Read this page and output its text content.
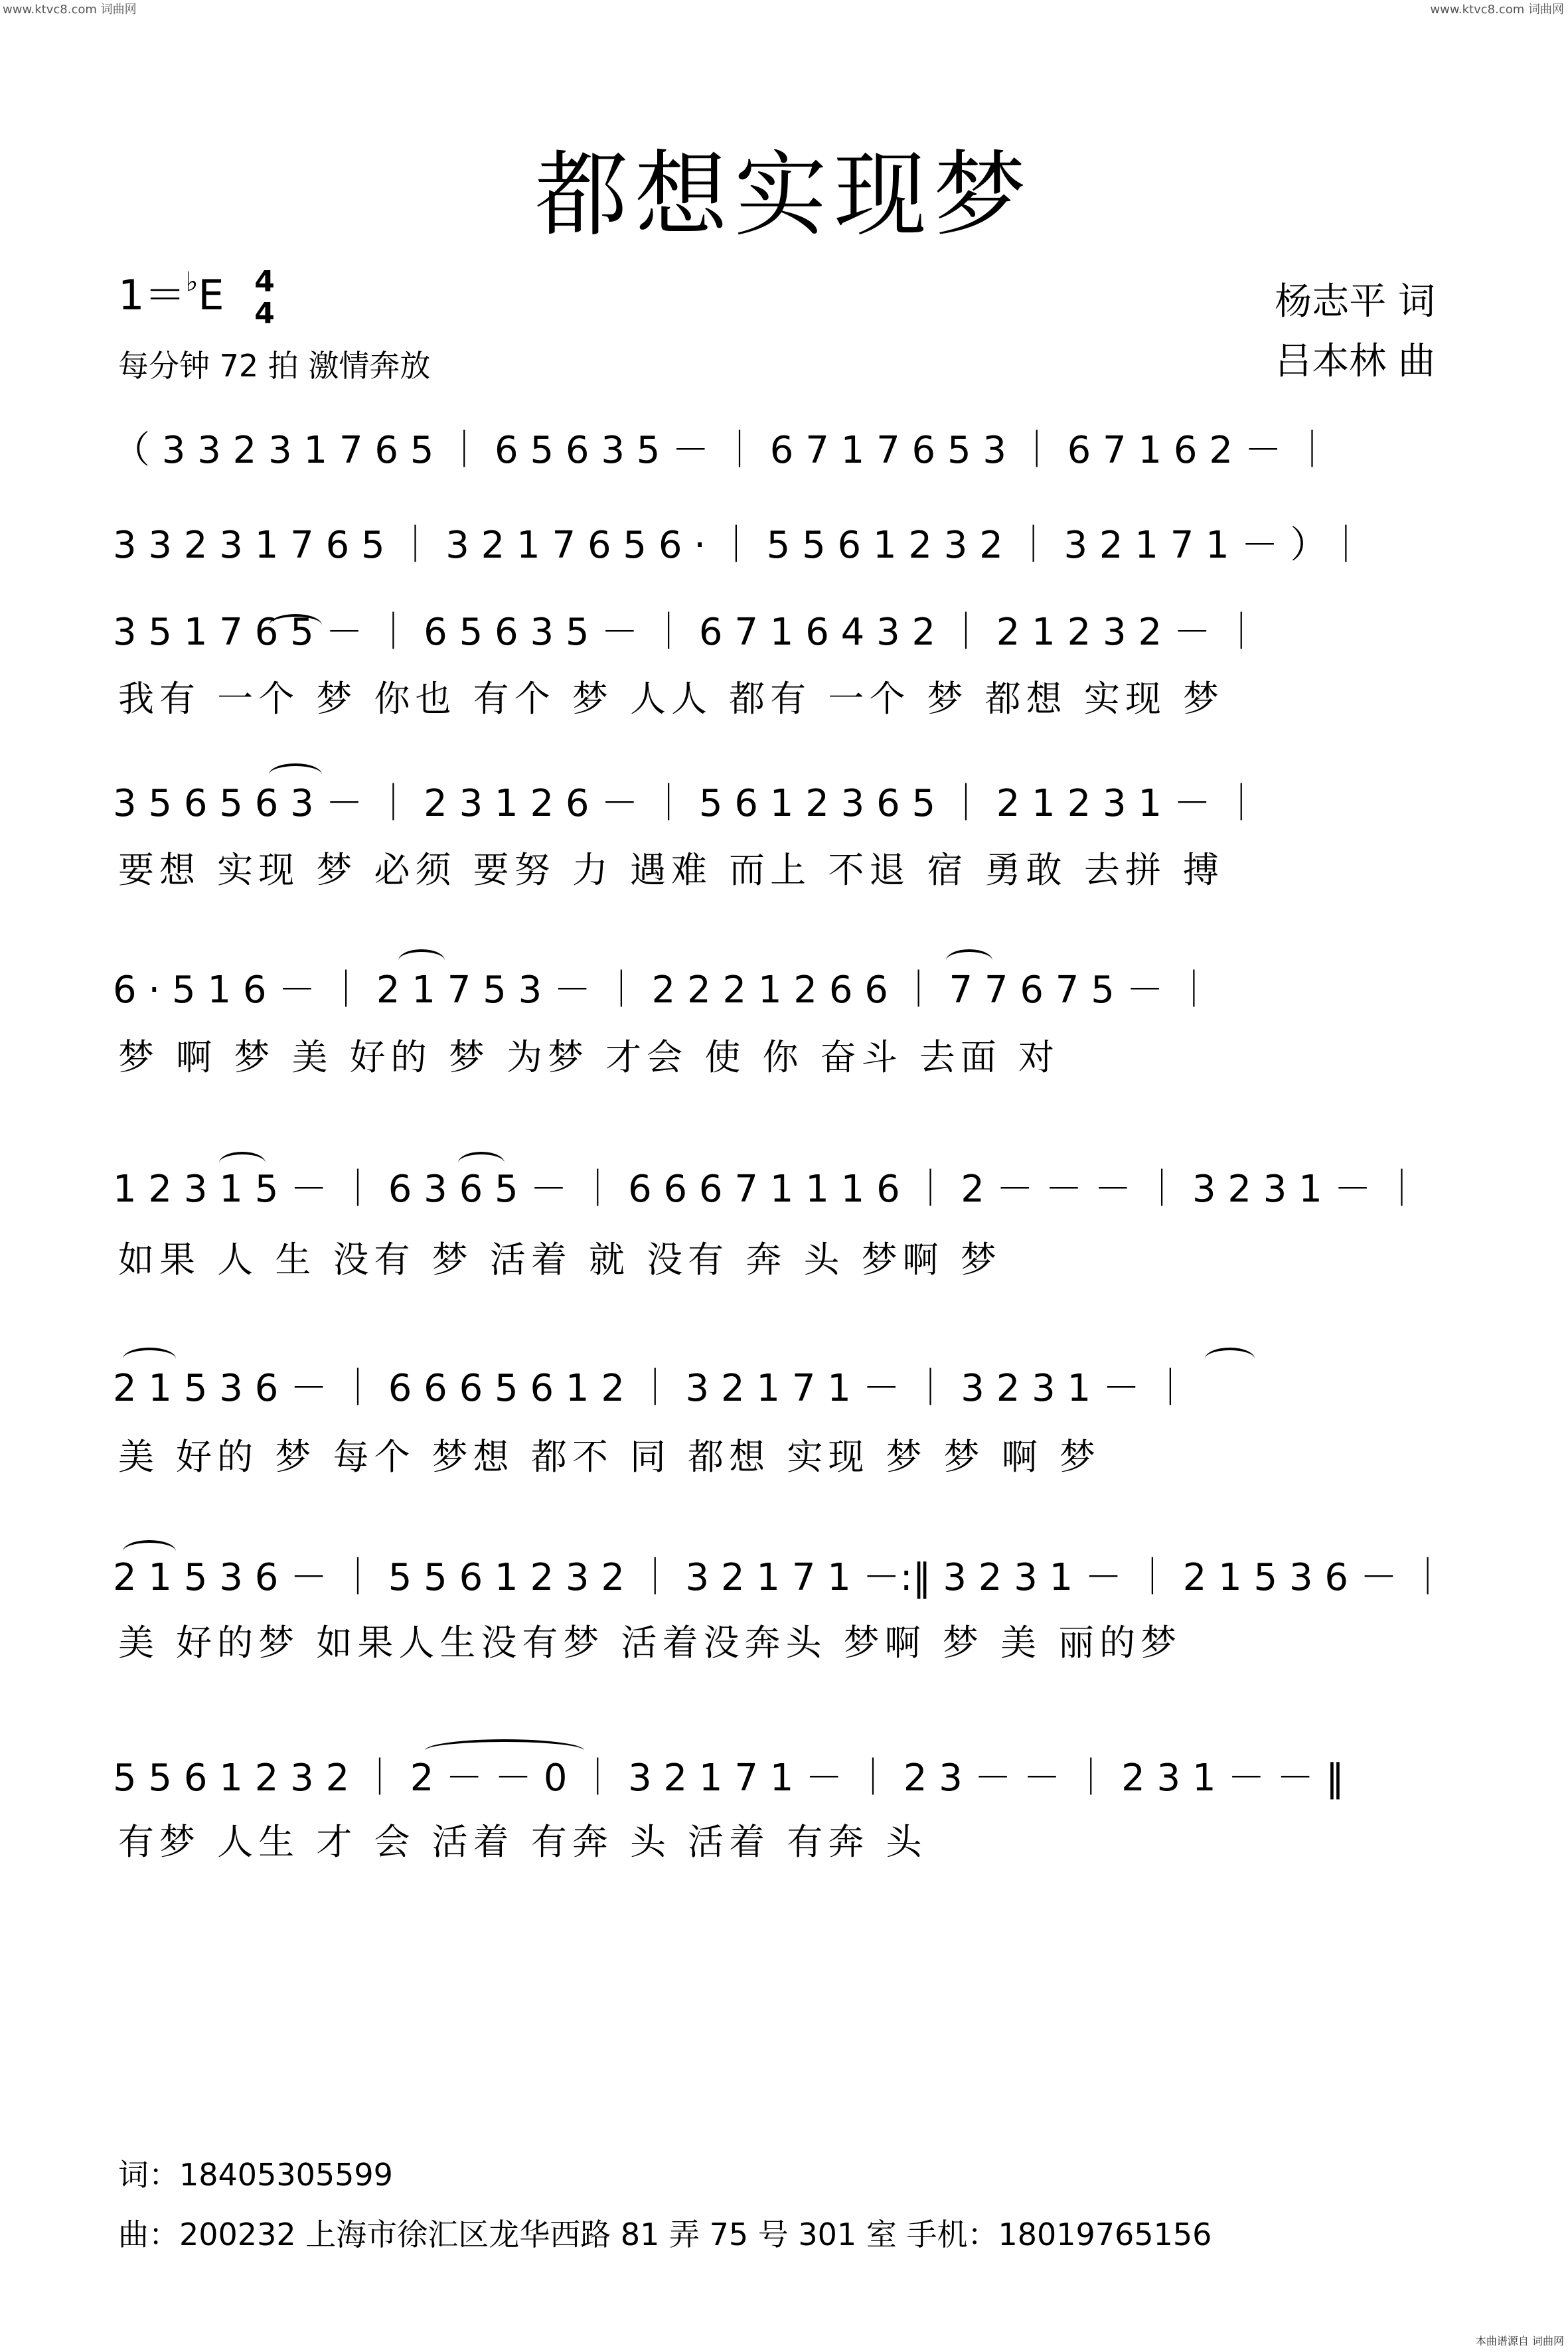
www.ktvc8.com 词曲网	www.ktvc8.com 词曲网
都想实现梦
1＝♭E 4
4
每分钟 72 拍 激情奔放
杨志平 词
吕本林 曲
（ 3 3 2 3 1 7 6 5 ｜ 6 5 6 3 5 － ｜ 6 7 1 7 6 5 3 ｜ 6 7 1 6 2 － ｜
3 3 2 3 1 7 6 5 ｜ 3 2 1 7 6 5 6 · ｜ 5 5 6 1 2 3 2 ｜ 3 2 1 7 1 － ）｜
3 5 1 7 6 5 － ｜ 6 5 6 3 5 － ｜ 6 7 1 6 4 3 2 ｜ 2 1 2 3 2 － ｜
我有 一个 梦 你也 有个 梦 人人 都有 一个 梦 都想 实现 梦
3 5 6 5 6 3 － ｜ 2 3 1 2 6 － ｜ 5 6 1 2 3 6 5 ｜ 2 1 2 3 1 － ｜
要想 实现 梦 必须 要努 力 遇难 而上 不退 宿 勇敢 去拼 搏
6 · 5 1 6 － ｜ 2 1 7 5 3 － ｜ 2 2 2 1 2 6 6 ｜ 7 7 6 7 5 － ｜
梦 啊 梦 美 好的 梦 为梦 才会 使 你 奋斗 去面 对
1 2 3 1 5 － ｜ 6 3 6 5 － ｜ 6 6 6 7 1 1 1 6 ｜ 2 － － － ｜ 3 2 3 1 － ｜
如果 人 生 没有 梦 活着 就 没有 奔 头 梦啊 梦
2 1 5 3 6 － ｜ 6 6 6 5 6 1 2 ｜ 3 2 1 7 1 － ｜ 3 2 3 1 － ｜
美 好的 梦 每个 梦想 都不 同 都想 实现 梦 梦 啊 梦
2 1 5 3 6 － ｜ 5 5 6 1 2 3 2 ｜ 3 2 1 7 1 －:‖ 3 2 3 1 － ｜ 2 1 5 3 6 － ｜
美 好的梦 如果人生没有梦 活着没奔头 梦啊 梦 美 丽的梦
5 5 6 1 2 3 2 ｜ 2 － － 0 ｜ 3 2 1 7 1 － ｜ 2 3 － － ｜ 2 3 1 － － ‖
有梦 人生 才 会 活着 有奔 头 活着 有奔 头
词：18405305599
曲：200232 上海市徐汇区龙华西路 81 弄 75 号 301 室 手机：18019765156
本曲谱源自 词曲网
